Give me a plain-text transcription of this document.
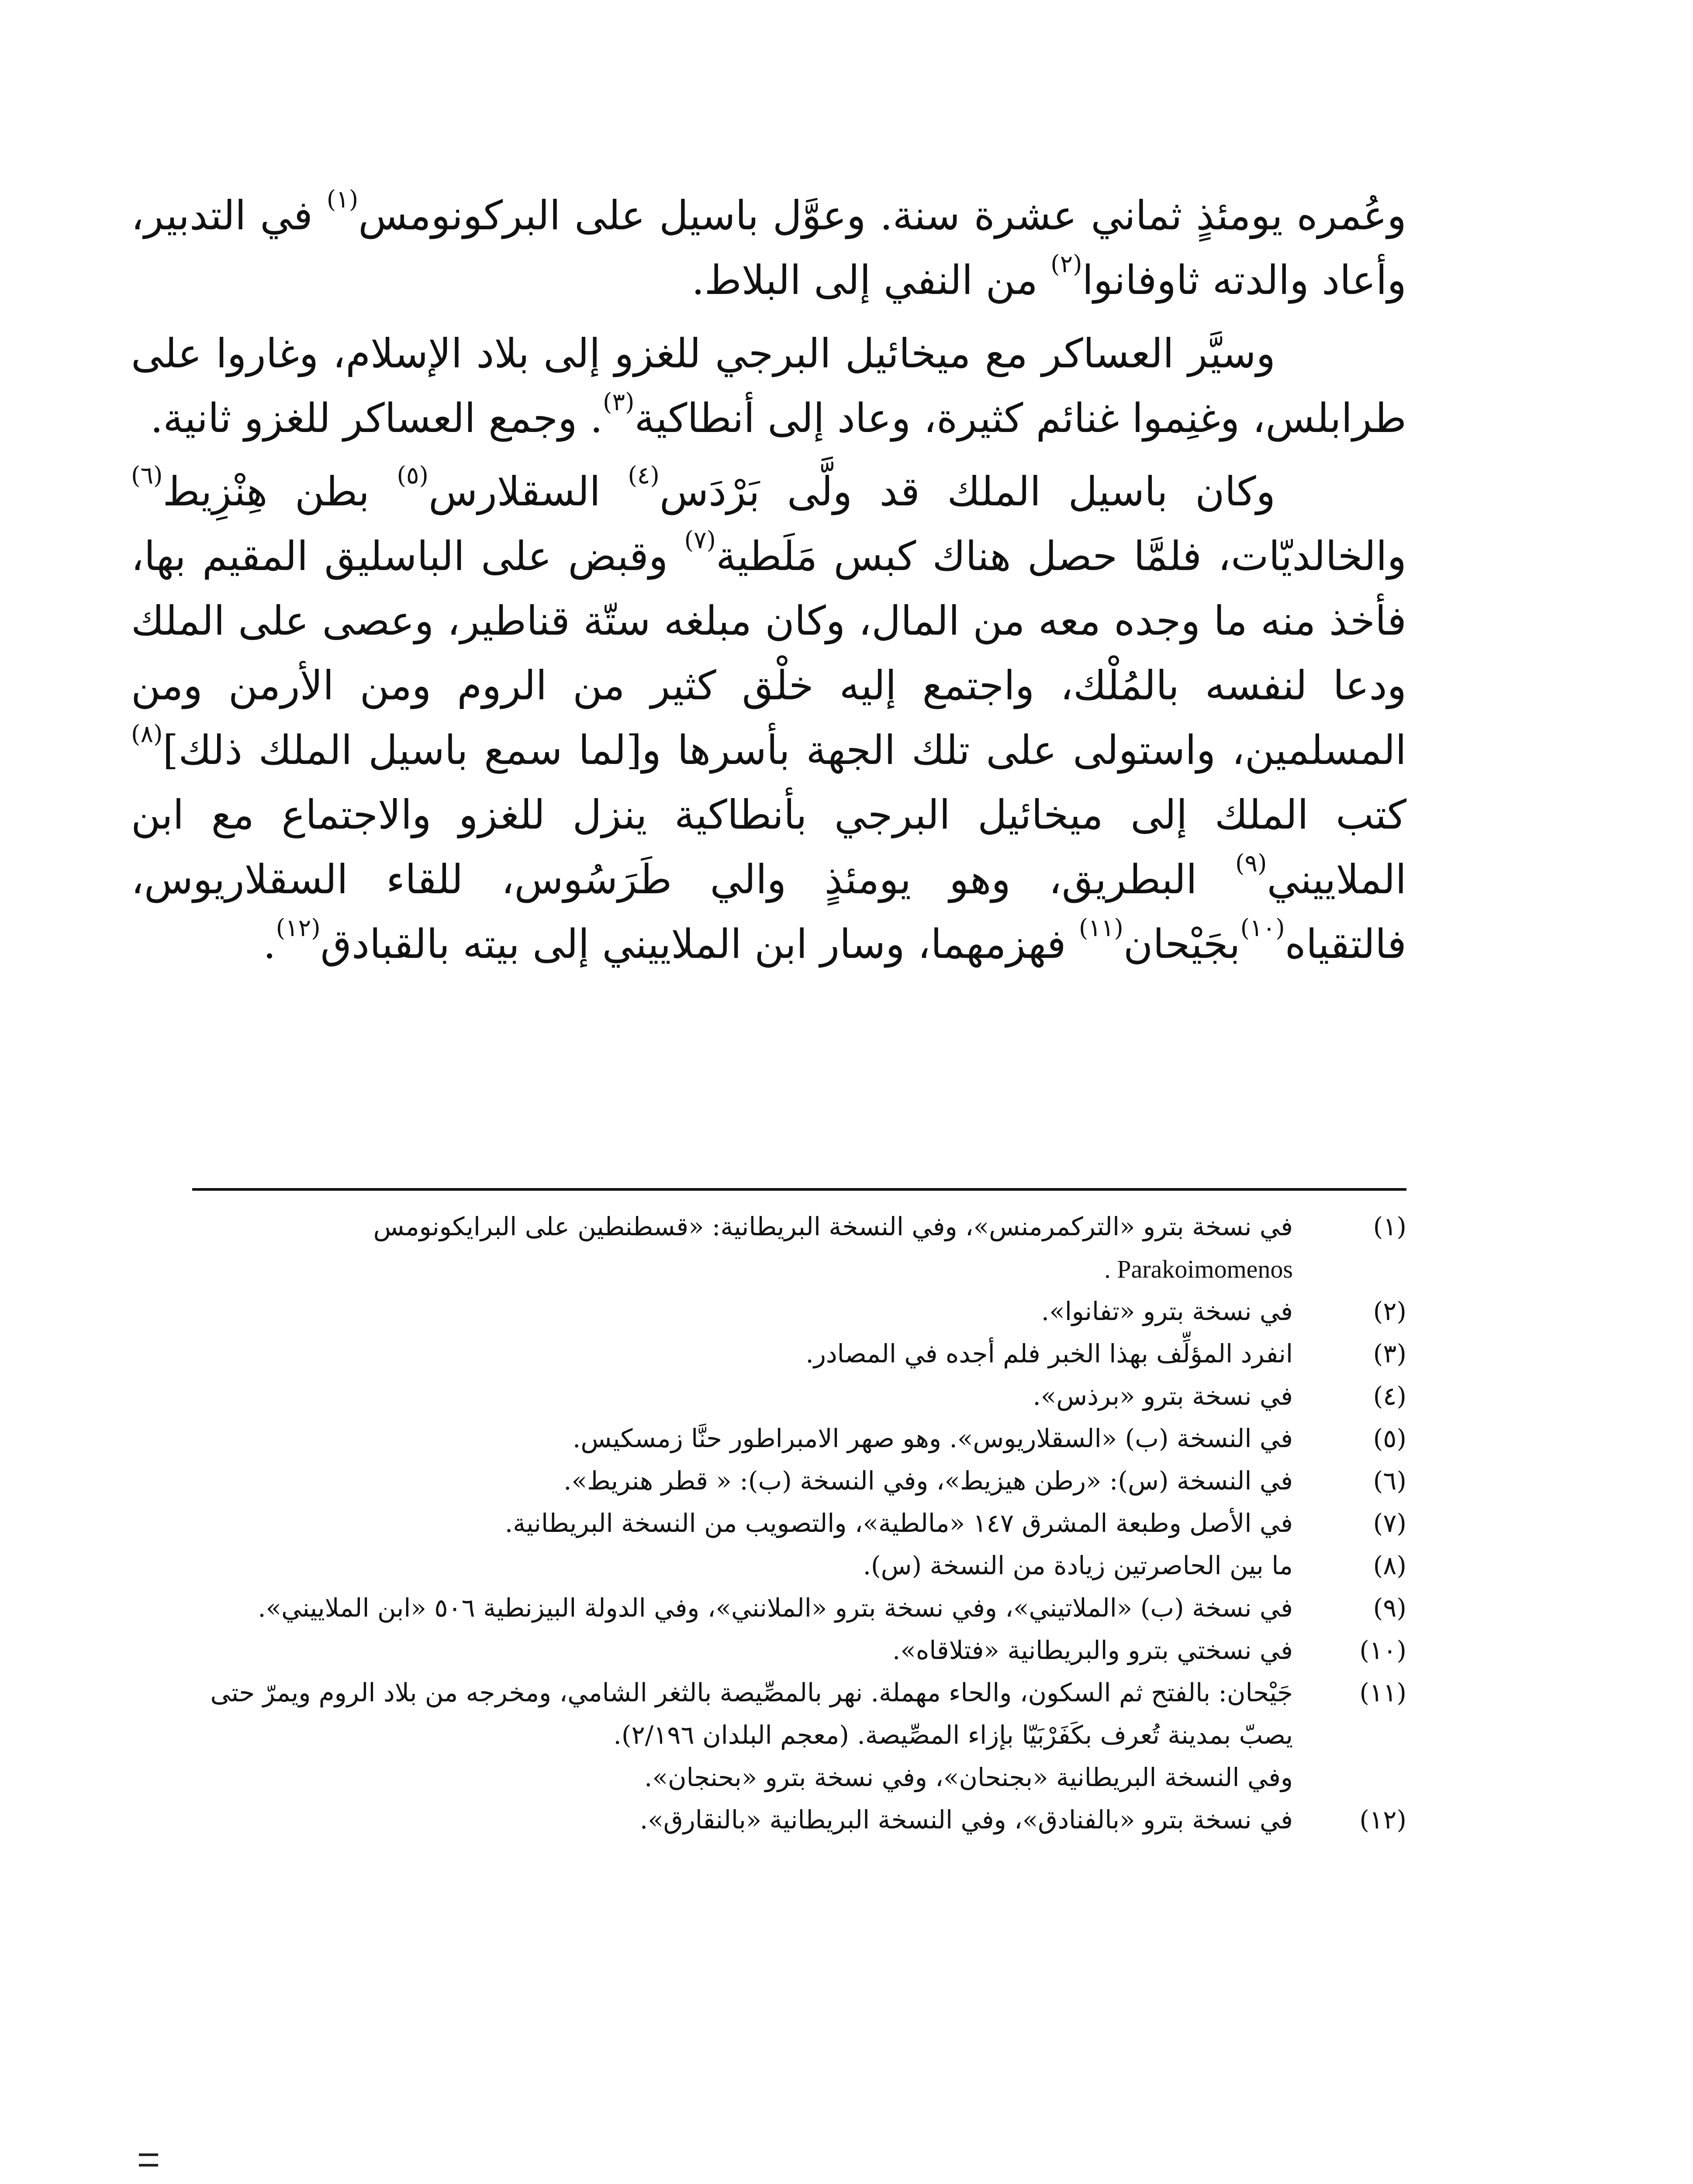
وعُمره يومئذٍ ثماني عشرة سنة. وعوَّل باسيل على البركونومس$^{(١)}$ في التدبير، وأعاد والدته ثاوفانوا$^{(٢)}$ من النفي إلى البلاط.

وسيَّر العساكر مع ميخائيل البرجي للغزو إلى بلاد الإسلام، وغاروا على طرابلس، وغنِموا غنائم كثيرة، وعاد إلى أنطاكية$^{(٣)}$. وجمع العساكر للغزو ثانية.

وكان باسيل الملك قد ولَّى بَرْدَس$^{(٤)}$ السقلارس$^{(٥)}$ بطن هِنْزِيط$^{(٦)}$ والخالديّات، فلمَّا حصل هناك كبس مَلَطية$^{(٧)}$ وقبض على الباسليق المقيم بها، فأخذ منه ما وجده معه من المال، وكان مبلغه ستّة قناطير، وعصى على الملك ودعا لنفسه بالمُلْك، واجتمع إليه خلْق كثير من الروم ومن الأرمن ومن المسلمين، واستولى على تلك الجهة بأسرها و[لما سمع باسيل الملك ذلك]$^{(٨)}$ كتب الملك إلى ميخائيل البرجي بأنطاكية ينزل للغزو والاجتماع مع ابن الملاييني$^{(٩)}$ البطريق، وهو يومئذٍ والي طَرَسُوس، للقاء السقلاريوس، فالتقياه$^{(١٠)}$بجَيْحان$^{(١١)}$ فهزمهما، وسار ابن الملاييني إلى بيته بالقبادق$^{(١٢)}$.

(١)
في نسخة بترو «التركمرمنس»، وفي النسخة البريطانية: «قسطنطين على البرايكونومس
. Parakoimomenos
(٢)
في نسخة بترو «تفانوا».
(٣)
انفرد المؤلِّف بهذا الخبر فلم أجده في المصادر.
(٤)
في نسخة بترو «برذس».
(٥)
في النسخة (ب) «السقلاريوس». وهو صهر الامبراطور حنَّا زمسكيس.
(٦)
في النسخة (س): «رطن هيزيط»، وفي النسخة (ب): « قطر هنريط».
(٧)
في الأصل وطبعة المشرق ١٤٧ «مالطية»، والتصويب من النسخة البريطانية.
(٨)
ما بين الحاصرتين زيادة من النسخة (س).
(٩)
في نسخة (ب) «الملاتيني»، وفي نسخة بترو «الملانني»، وفي الدولة البيزنطية ٥٠٦ «ابن الملاييني».
(١٠)
في نسختي بترو والبريطانية «فتلاقاه».
(١١)
جَيْحان: بالفتح ثم السكون، والحاء مهملة. نهر بالمصِّيصة بالثغر الشامي، ومخرجه من بلاد الروم ويمرّ حتى يصبّ بمدينة تُعرف بكَفَرْبَيّا بإزاء المصِّيصة. (معجم البلدان ٢/١٩٦).
وفي النسخة البريطانية «بجنحان»، وفي نسخة بترو «بحنجان».
(١٢)
في نسخة بترو «بالفنادق»، وفي النسخة البريطانية «بالنقارق».
